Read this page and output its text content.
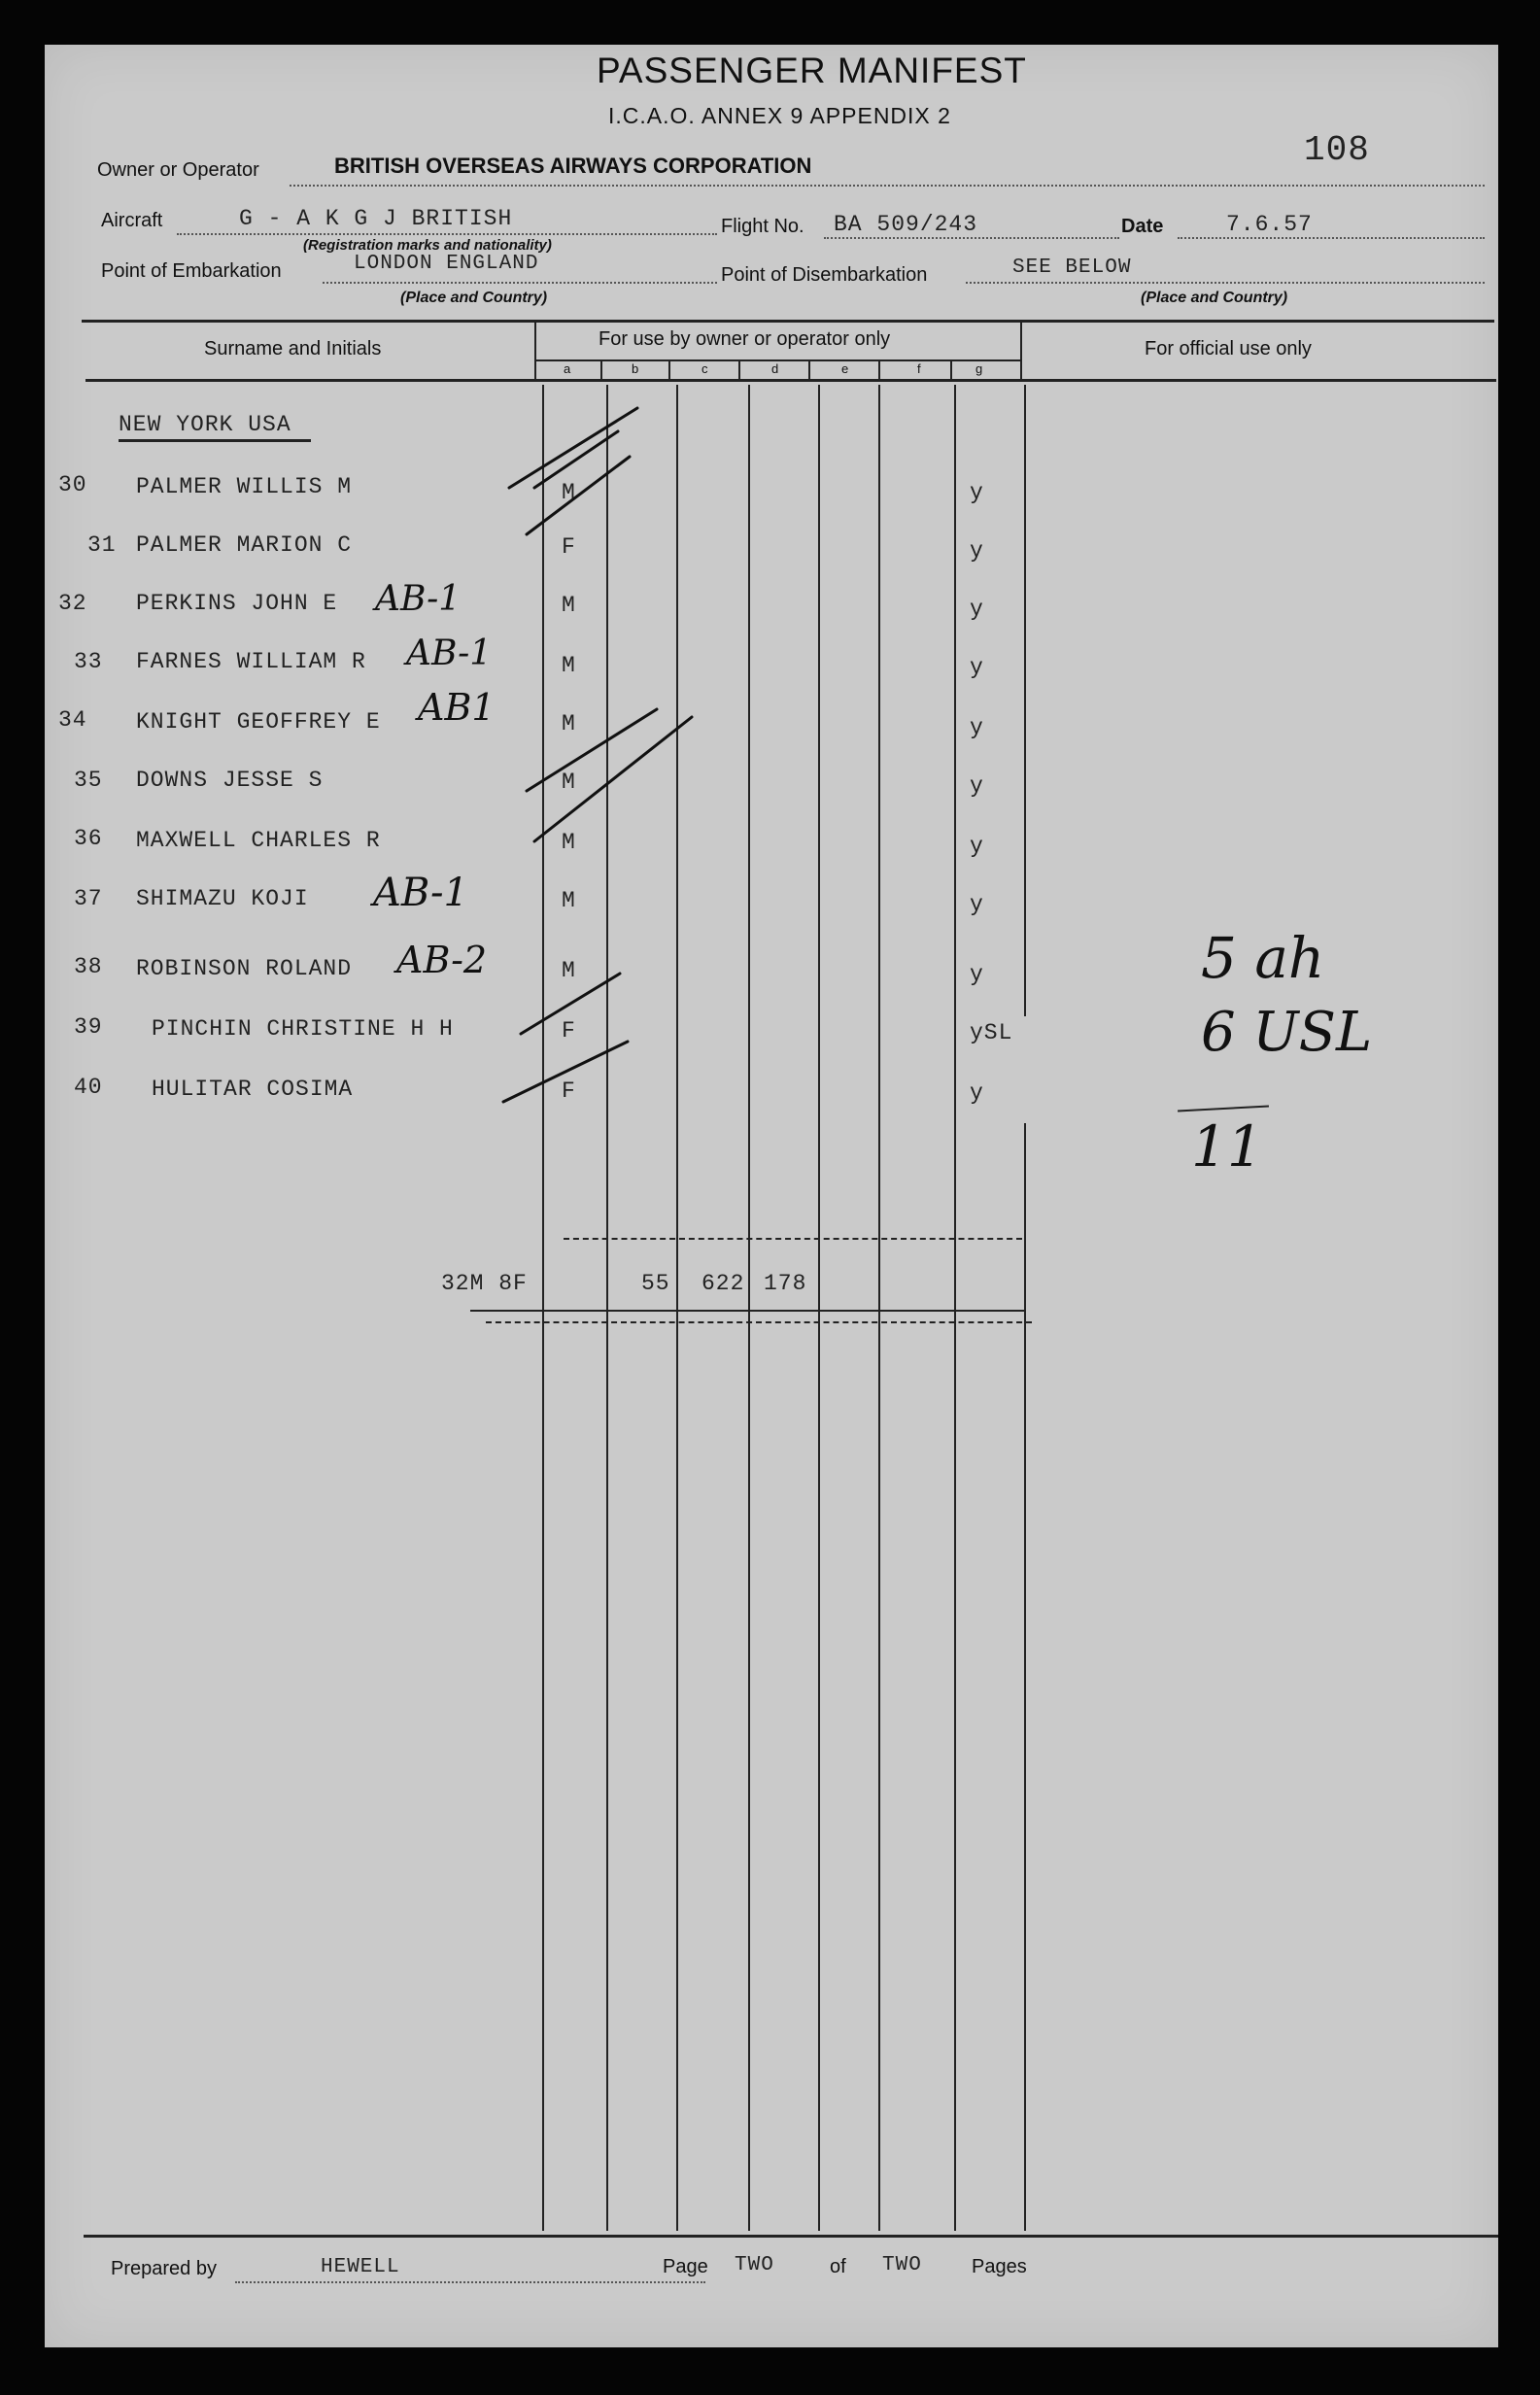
PASSENGER MANIFEST
I.C.A.O. ANNEX 9 APPENDIX 2
108
Owner or Operator	BRITISH OVERSEAS AIRWAYS CORPORATION
Aircraft	G - A K G J BRITISH
(Registration marks and nationality)
Flight No. BA 509/243	Date	7.6.57
Point of Embarkation	LONDON ENGLAND
(Place and Country)
Point of Disembarkation	SEE BELOW
(Place and Country)
Surname and Initials	For use by owner or operator only	For official use only
a	b	c	d	e	f	g
NEW YORK USA
30 PALMER WILLIS M	M	y
31 PALMER MARION C	F	y
32 PERKINS JOHN E AB-1	M	y
33 FARNES WILLIAM R AB-1	M	y
34 KNIGHT GEOFFREY E AB1	M	y
35 DOWNS JESSE S	M	y
36 MAXWELL CHARLES R	M	y
37 SHIMAZU KOJI AB-1	M	y
38 ROBINSON ROLAND AB-2	M	y
39 PINCHIN CHRISTINE H H	F	ySL
40 HULITAR COSIMA	F	y
32M 8F	55 622 178
5 ah
6 USL
11
Prepared by	HEWELL	Page TWO	of TWO	Pages
